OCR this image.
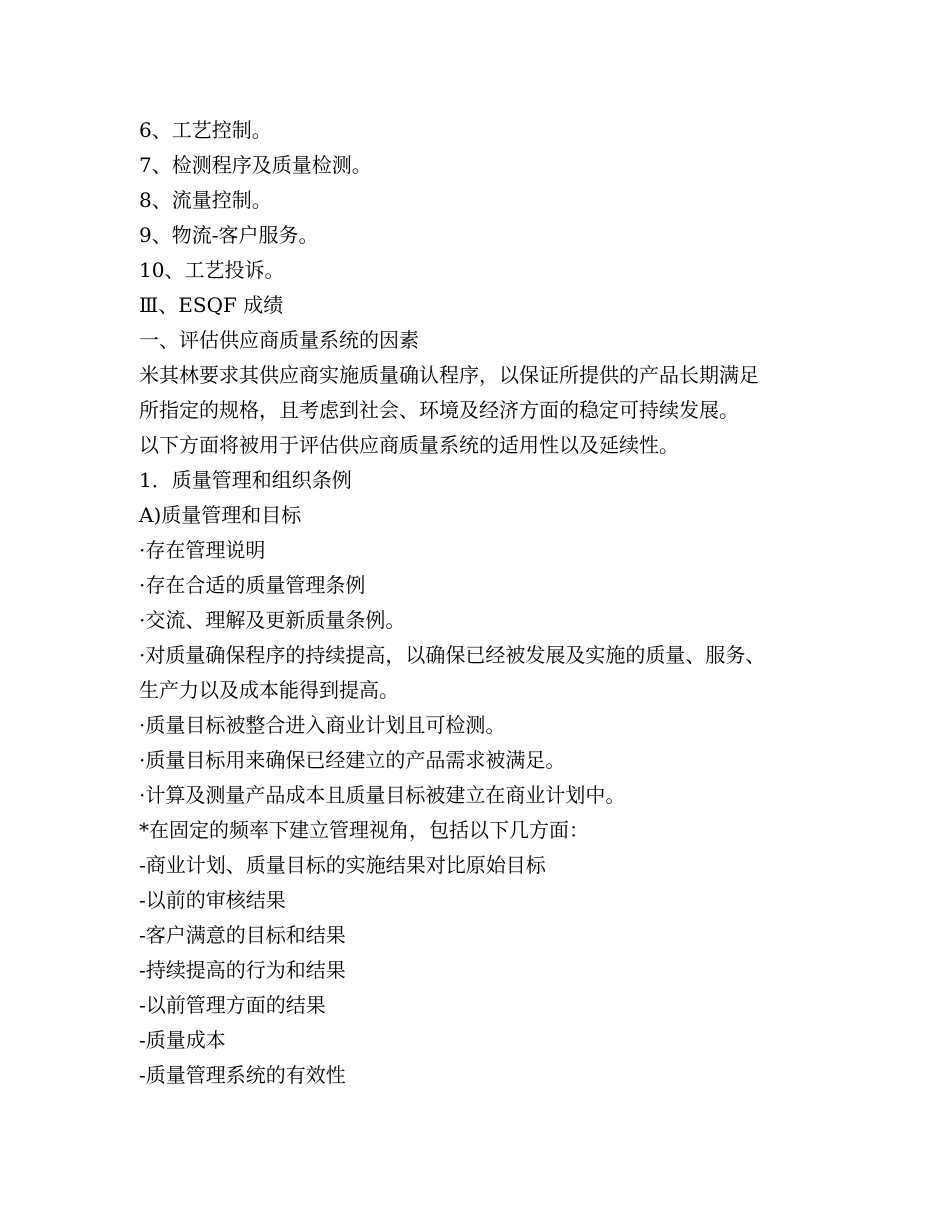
6、工艺控制。
7、检测程序及质量检测。
8、流量控制。
9、物流-客户服务。
10、工艺投诉。
Ⅲ、ESQF 成绩
一、评估供应商质量系统的因素
米其林要求其供应商实施质量确认程序，以保证所提供的产品长期满足
所指定的规格，且考虑到社会、环境及经济方面的稳定可持续发展。
以下方面将被用于评估供应商质量系统的适用性以及延续性。
1．质量管理和组织条例
A)质量管理和目标
·存在管理说明
·存在合适的质量管理条例
·交流、理解及更新质量条例。
·对质量确保程序的持续提高，以确保已经被发展及实施的质量、服务、
生产力以及成本能得到提高。
·质量目标被整合进入商业计划且可检测。
·质量目标用来确保已经建立的产品需求被满足。
·计算及测量产品成本且质量目标被建立在商业计划中。
*在固定的频率下建立管理视角，包括以下几方面：
-商业计划、质量目标的实施结果对比原始目标
-以前的审核结果
-客户满意的目标和结果
-持续提高的行为和结果
-以前管理方面的结果
-质量成本
-质量管理系统的有效性
